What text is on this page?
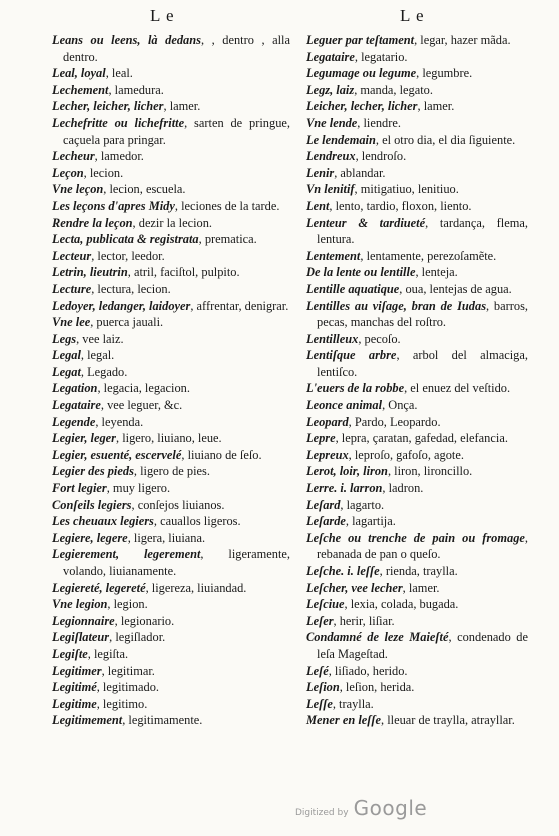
L e	L e

Leans ou leens, là dedans, , dentro , alla dentro.

Leal, loyal, leal.

Lechement, lamedura.

Lecher, leicher, licher, lamer.

Lechefritte ou lichefritte, sarten de pringue, caçuela para pringar.

Lecheur, lamedor.

Leçon, lecion.

Vne leçon, lecion, escuela.

Les leçons d'apres Midy, leciones de la tarde.

Rendre la leçon, dezir la lecion.

Lecta, publicata & registrata, prematica.

Lecteur, lector, leedor.

Letrin, lieutrin, atril, faciſtol, pulpito.

Lecture, lectura, lecion.

Ledoyer, ledanger, laidoyer, affrentar, denigrar.

Vne lee, puerca jauali.

Legs, vee laiz.

Legal, legal.

Legat, Legado.

Legation, legacia, legacion.

Legataire, vee leguer, &c.

Legende, leyenda.

Legier, leger, ligero, liuiano, leue.

Legier, esuenté, escervelé, liuiano de ſeſo.

Legier des pieds, ligero de pies.

Fort legier, muy ligero.

Conſeils legiers, conſejos liuianos.

Les cheuaux legiers, cauallos ligeros.

Legiere, legere, ligera, liuiana.

Legierement, legerement, ligeramente, volando, liuianamente.

Legiereté, legereté, ligereza, liuiandad.

Vne legion, legion.

Legionnaire, legionario.

Legiſlateur, legiſlador.

Legiſte, legiſta.

Legitimer, legitimar.

Legitimé, legitimado.

Legitime, legitimo.

Legitimement, legitimamente.

Leguer par teſtament, legar, hazer mãda.

Legataire, legatario.

Legumage ou legume, legumbre.

Legz, laiz, manda, legato.

Leicher, lecher, licher, lamer.

Vne lende, liendre.

Le lendemain, el otro dia, el dia ſiguiente.

Lendreux, lendroſo.

Lenir, ablandar.

Vn lenitif, mitigatiuo, lenitiuo.

Lent, lento, tardio, floxon, liento.

Lenteur & tardiueté, tardança, flema, lentura.

Lentement, lentamente, perezoſamẽte.

De la lente ou lentille, lenteja.

Lentille aquatique, oua, lentejas de agua.

Lentilles au viſage, bran de Iudas, barros, pecas, manchas del roſtro.

Lentilleux, pecoſo.

Lentiſque arbre, arbol del almaciga, lentiſco.

L'euers de la robbe, el enuez del veſtido.

Leonce animal, Onça.

Leopard, Pardo, Leopardo.

Lepre, lepra, çaratan, gafedad, elefancia.

Lepreux, leproſo, gafoſo, agote.

Lerot, loir, liron, liron, lironcillo.

Lerre. i. larron, ladron.

Leſard, lagarto.

Leſarde, lagartija.

Leſche ou trenche de pain ou fromage, rebanada de pan o queſo.

Leſche. i. leſſe, rienda, traylla.

Leſcher, vee lecher, lamer.

Leſciue, lexia, colada, bugada.

Leſer, herir, liſiar.

Condamné de leze Maieſté, condenado de leſa Mageſtad.

Leſé, liſiado, herido.

Leſion, leſion, herida.

Leſſe, traylla.

Mener en leſſe, lleuar de traylla, atrayllar.

Digitized by Google
